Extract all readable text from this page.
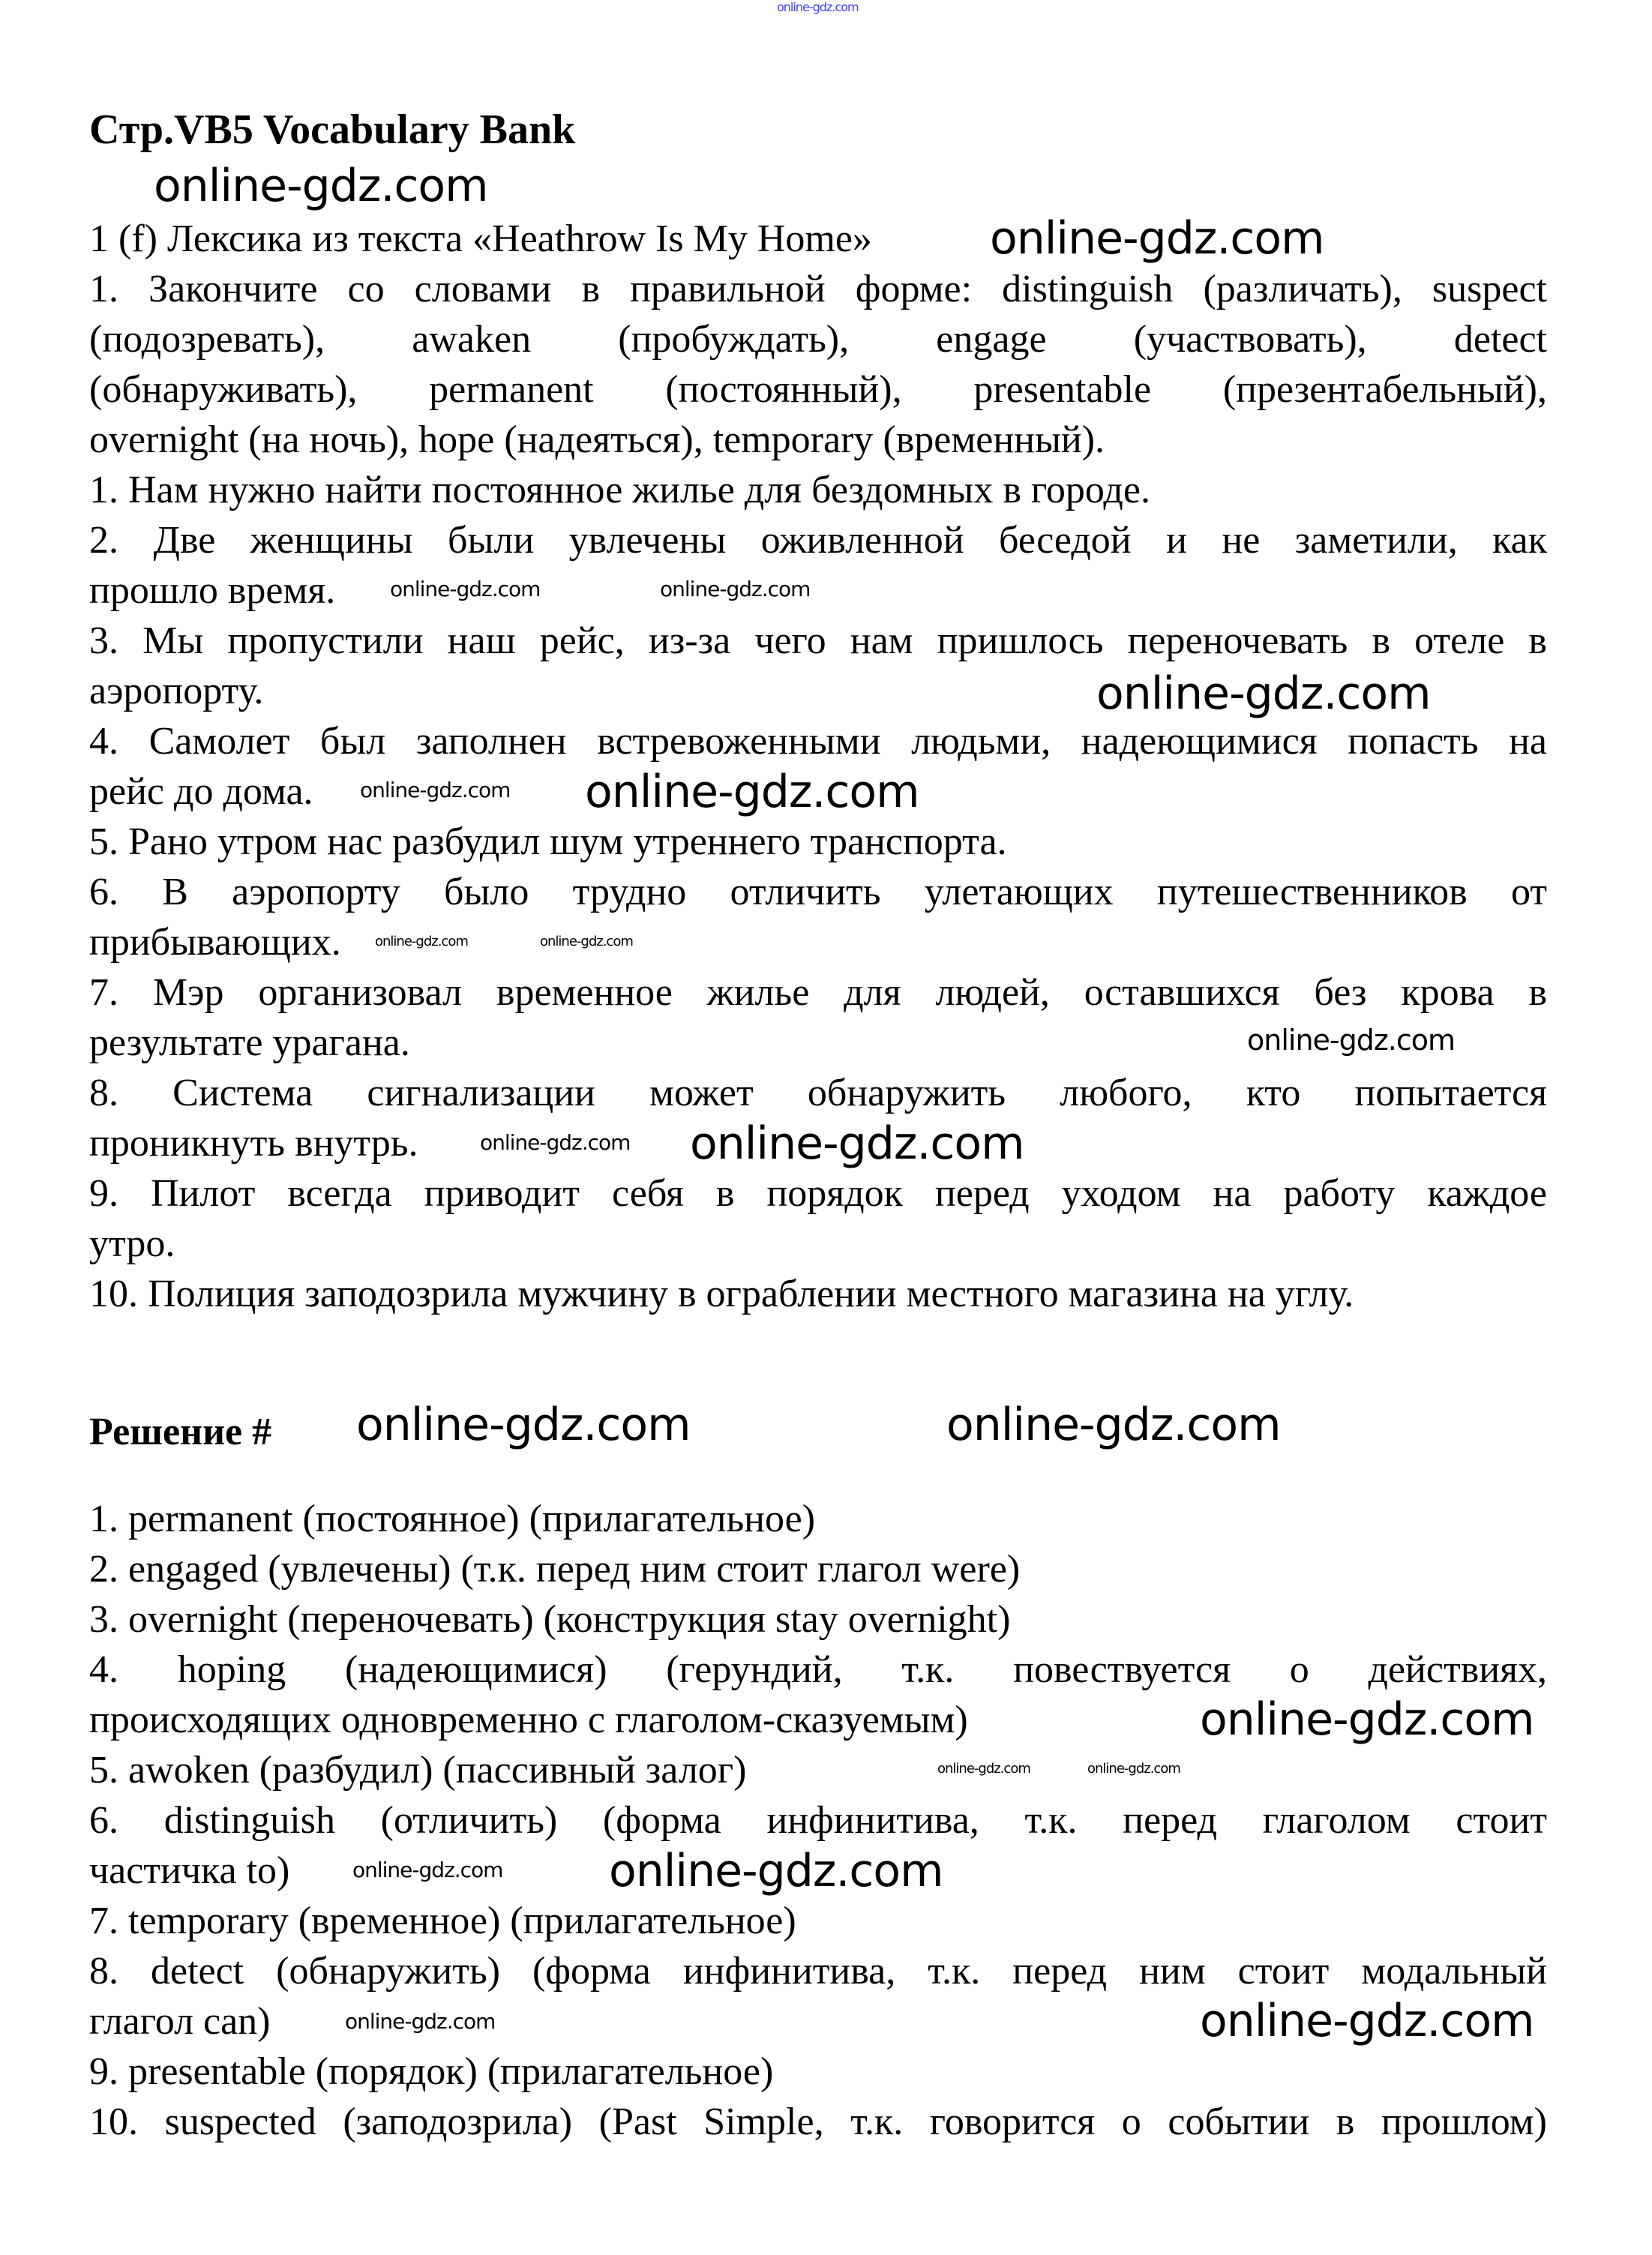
Стр.VB5 Vocabulary Bank
1 (f) Лексика из текста «Heathrow Is My Home»
1. Закончите со словами в правильной форме: distinguish (различать), suspect
(подозревать), awaken (пробуждать), engage (участвовать), detect
(обнаруживать), permanent (постоянный), presentable (презентабельный),
overnight (на ночь), hope (надеяться), temporary (временный).
1. Нам нужно найти постоянное жилье для бездомных в городе.
2. Две женщины были увлечены оживленной беседой и не заметили, как
прошло время.
3. Мы пропустили наш рейс, из-за чего нам пришлось переночевать в отеле в
аэропорту.
4. Самолет был заполнен встревоженными людьми, надеющимися попасть на
рейс до дома.
5. Рано утром нас разбудил шум утреннего транспорта.
6. В аэропорту было трудно отличить улетающих путешественников от
прибывающих.
7. Мэр организовал временное жилье для людей, оставшихся без крова в
результате урагана.
8. Система сигнализации может обнаружить любого, кто попытается
проникнуть внутрь.
9. Пилот всегда приводит себя в порядок перед уходом на работу каждое
утро.
10. Полиция заподозрила мужчину в ограблении местного магазина на углу.
Решение #
1. permanent (постоянное) (прилагательное)
2. engaged (увлечены) (т.к. перед ним стоит глагол were)
3. overnight (переночевать) (конструкция stay overnight)
4. hoping (надеющимися) (герундий, т.к. повествуется о действиях,
происходящих одновременно с глаголом-сказуемым)
5. awoken (разбудил) (пассивный залог)
6. distinguish (отличить) (форма инфинитива, т.к. перед глаголом стоит
частичка to)
7. temporary (временное) (прилагательное)
8. detect (обнаружить) (форма инфинитива, т.к. перед ним стоит модальный
глагол can)
9. presentable (порядок) (прилагательное)
10. suspected (заподозрила) (Past Simple, т.к. говорится о событии в прошлом)
online-gdz.com
online-gdz.com
online-gdz.com
online-gdz.com	online-gdz.com
online-gdz.com
online-gdz.com online-gdz.com
online-gdz.com	online-gdz.com
online-gdz.com
online-gdz.com online-gdz.com
online-gdz.com	online-gdz.com
online-gdz.com	online-gdz.com
online-gdz.com
online-gdz.com online-gdz.com
online-gdz.com	online-gdz.com
